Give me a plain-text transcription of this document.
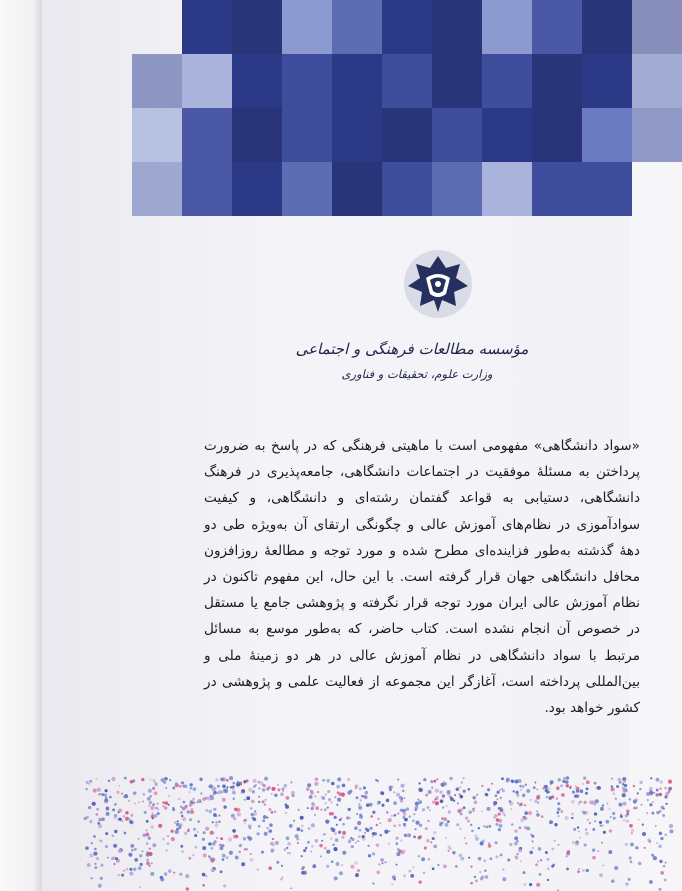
مؤسسه مطالعات فرهنگی و اجتماعی
وزارت علوم، تحقیقات و فناوری

«سواد دانشگاهی» مفهومی است با ماهیتی فرهنگی که در پاسخ به ضرورت پرداختن به مسئلهٔ موفقیت در اجتماعات دانشگاهی، جامعه‌پذیری در فرهنگ دانشگاهی، دستیابی به قواعد گفتمان رشته‌ای و دانشگاهی، و کیفیت سوادآموزی در نظام‌های آموزش عالی و چگونگی ارتقای آن به‌ویژه طی دو دههٔ گذشته به‌طور فزاینده‌ای مطرح شده و مورد توجه و مطالعهٔ روزافزون محافل دانشگاهی جهان قرار گرفته است. با این حال، این مفهوم تاکنون در نظام آموزش عالی ایران مورد توجه قرار نگرفته و پژوهشی جامع یا مستقل در خصوص آن انجام نشده است. کتاب حاضر، که به‌طور موسع به مسائل مرتبط با سواد دانشگاهی در نظام آموزش عالی در هر دو زمینهٔ ملی و بین‌المللی پرداخته است، آغازگر این مجموعه از فعالیت علمی و پژوهشی در کشور خواهد بود.
